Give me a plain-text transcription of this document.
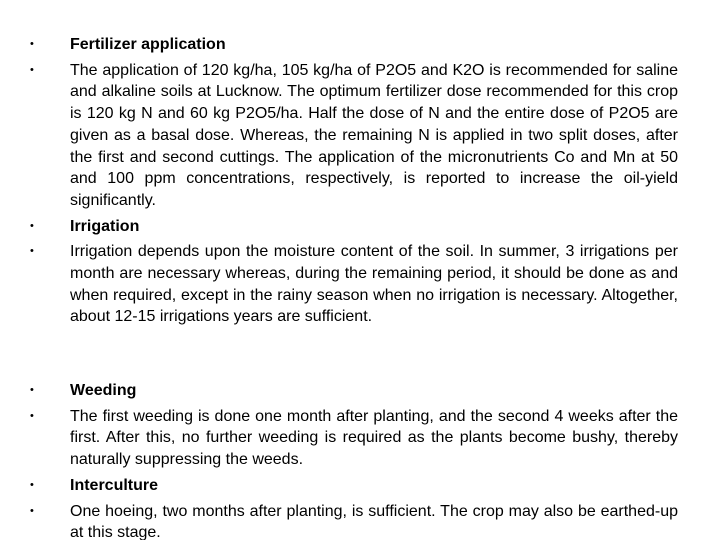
• Fertilizer application
• The application of 120 kg/ha, 105 kg/ha of P2O5 and K2O is recommended for saline and alkaline soils at Lucknow. The optimum fertilizer dose recommended for this crop is 120 kg N and 60 kg P2O5/ha. Half the dose of N and the entire dose of P2O5 are given as a basal dose. Whereas, the remaining N is applied in two split doses, after the first and second cuttings. The application of the micronutrients Co and Mn at 50 and 100 ppm concentrations, respectively, is reported to increase the oil-yield significantly.
• Irrigation
• Irrigation depends upon the moisture content of the soil. In summer, 3 irrigations per month are necessary whereas, during the remaining period, it should be done as and when required, except in the rainy season when no irrigation is necessary. Altogether, about 12-15 irrigations years are sufficient.
• Weeding
• The first weeding is done one month after planting, and the second 4 weeks after the first. After this, no further weeding is required as the plants become bushy, thereby naturally suppressing the weeds.
• Interculture
• One hoeing, two months after planting, is sufficient. The crop may also be earthed-up at this stage.
